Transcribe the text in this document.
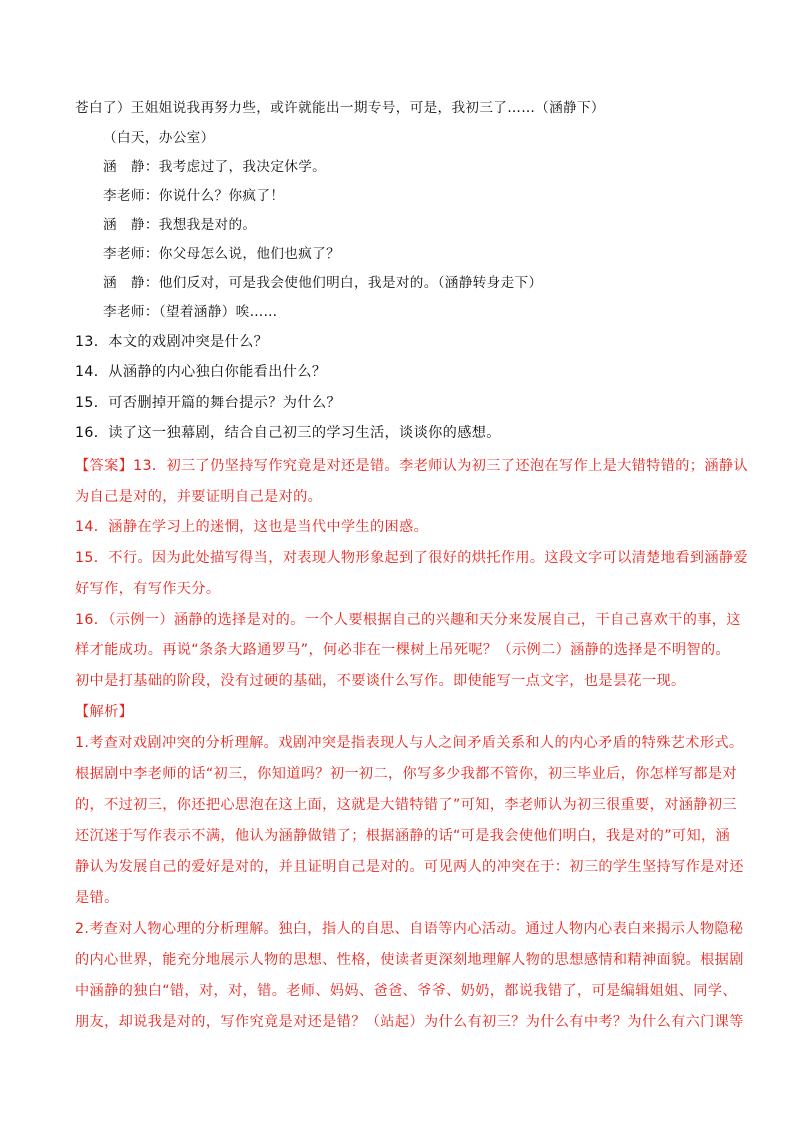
苍白了）王姐姐说我再努力些，或许就能出一期专号，可是，我初三了……（涵静下）
（白天，办公室）
涵　静：我考虑过了，我决定休学。
李老师：你说什么？你疯了！
涵　静：我想我是对的。
李老师：你父母怎么说，他们也疯了？
涵　静：他们反对，可是我会使他们明白，我是对的。（涵静转身走下）
李老师：（望着涵静）唉……
13．本文的戏剧冲突是什么？
14．从涵静的内心独白你能看出什么？
15．可否删掉开篇的舞台提示？为什么？
16．读了这一独幕剧，结合自己初三的学习生活，谈谈你的感想。
【答案】13．初三了仍坚持写作究竟是对还是错。李老师认为初三了还泡在写作上是大错特错的；涵静认
为自己是对的，并要证明自己是对的。
14．涵静在学习上的迷惘，这也是当代中学生的困惑。
15．不行。因为此处描写得当，对表现人物形象起到了很好的烘托作用。这段文字可以清楚地看到涵静爱
好写作，有写作天分。
16．（示例一）涵静的选择是对的。一个人要根据自己的兴趣和天分来发展自己，干自己喜欢干的事，这
样才能成功。再说“条条大路通罗马”，何必非在一棵树上吊死呢？（示例二）涵静的选择是不明智的。
初中是打基础的阶段，没有过硬的基础，不要谈什么写作。即使能写一点文字，也是昙花一现。
【解析】
1.考查对戏剧冲突的分析理解。戏剧冲突是指表现人与人之间矛盾关系和人的内心矛盾的特殊艺术形式。
根据剧中李老师的话“初三，你知道吗？初一初二，你写多少我都不管你，初三毕业后，你怎样写都是对
的，不过初三，你还把心思泡在这上面，这就是大错特错了”可知，李老师认为初三很重要，对涵静初三
还沉迷于写作表示不满，他认为涵静做错了；根据涵静的话“可是我会使他们明白，我是对的”可知，涵
静认为发展自己的爱好是对的，并且证明自己是对的。可见两人的冲突在于：初三的学生坚持写作是对还
是错。
2.考查对人物心理的分析理解。独白，指人的自思、自语等内心活动。通过人物内心表白来揭示人物隐秘
的内心世界，能充分地展示人物的思想、性格，使读者更深刻地理解人物的思想感情和精神面貌。根据剧
中涵静的独白“错，对，对，错。老师、妈妈、爸爸、爷爷、奶奶，都说我错了，可是编辑姐姐、同学、
朋友，却说我是对的，写作究竟是对还是错？（站起）为什么有初三？为什么有中考？为什么有六门课等
